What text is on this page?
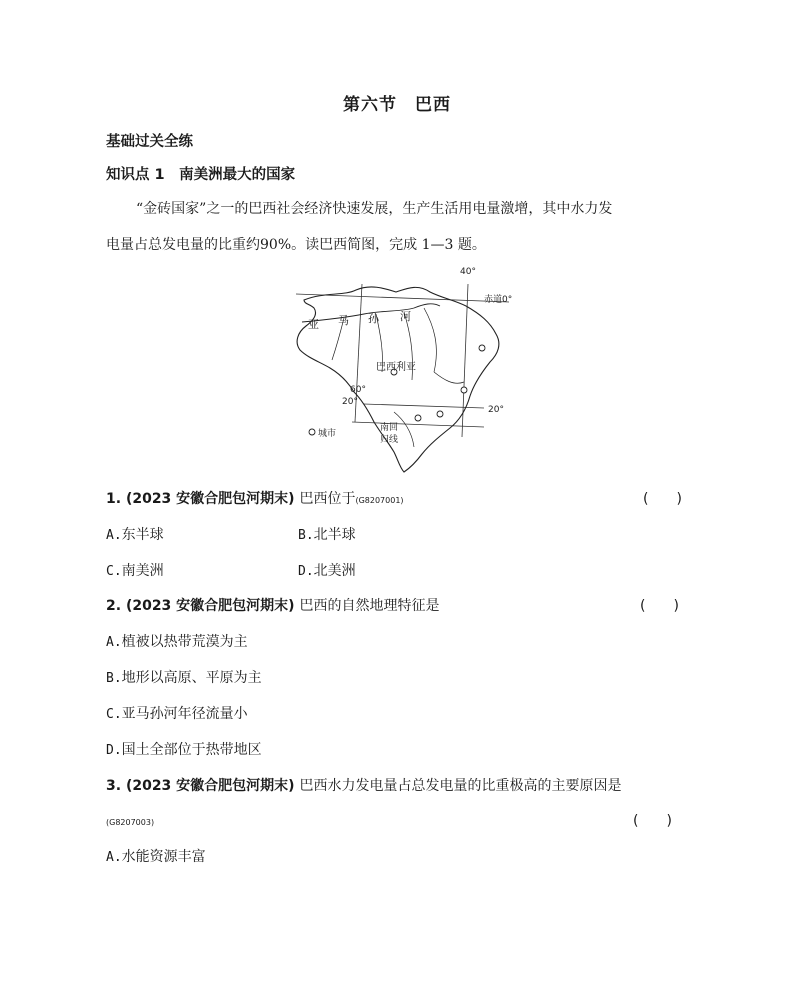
第六节　巴西
基础过关全练
知识点 1　南美洲最大的国家
“金砖国家”之一的巴西社会经济快速发展，生产生活用电量激增，其中水力发
电量占总发电量的比重约90%。读巴西简图，完成 1—3 题。
40°
赤道0°
亚 马 孙 河
巴西利亚
60°
20°
20°
城市
南回
归线
1. (2023 安徽合肥包河期末) 巴西位于(G8207001)	(　　)
A.东半球	B.北半球
C.南美洲	D.北美洲
2. (2023 安徽合肥包河期末) 巴西的自然地理特征是	(　　)
A.植被以热带荒漠为主
B.地形以高原、平原为主
C.亚马孙河年径流量小
D.国土全部位于热带地区
3. (2023 安徽合肥包河期末) 巴西水力发电量占总发电量的比重极高的主要原因是
(G8207003)	(　　)
A.水能资源丰富
